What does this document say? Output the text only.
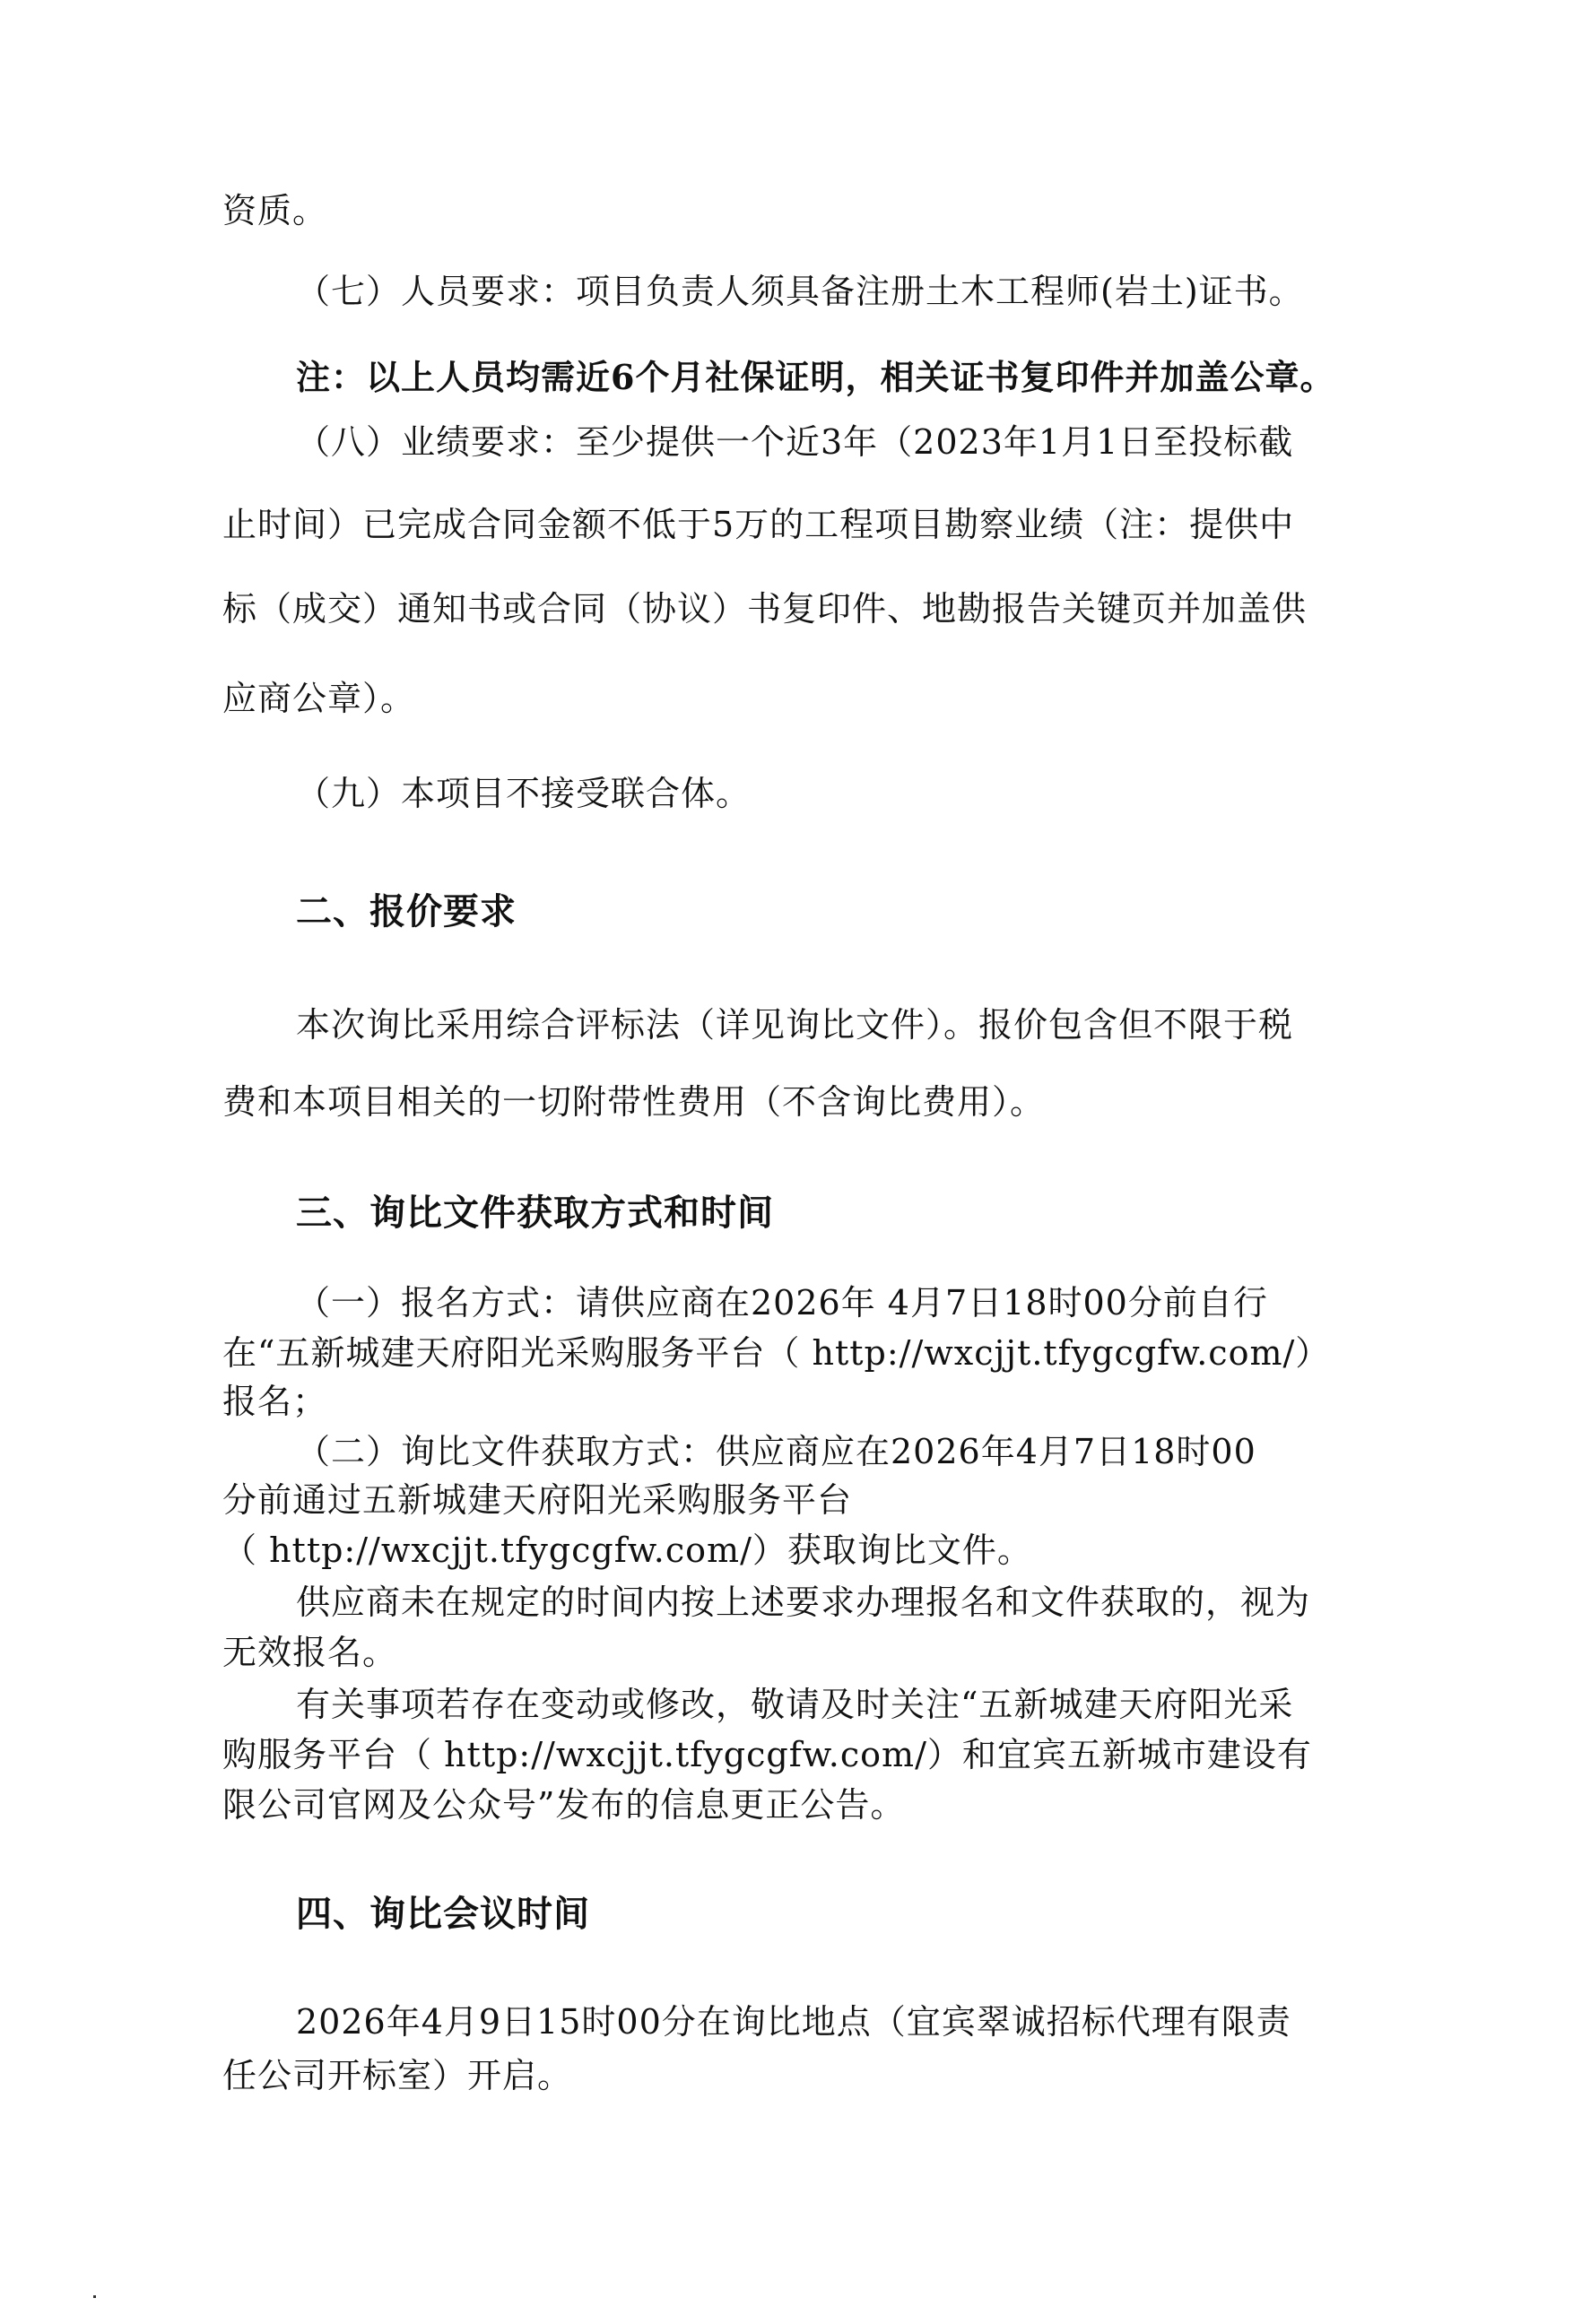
资质。
（七）人员要求：项目负责人须具备注册土木工程师(岩土)证书。
注：以上人员均需近6个月社保证明，相关证书复印件并加盖公章。
（八）业绩要求：至少提供一个近3年（2023年1月1日至投标截
止时间）已完成合同金额不低于5万的工程项目勘察业绩（注：提供中
标（成交）通知书或合同（协议）书复印件、地勘报告关键页并加盖供
应商公章）。
（九）本项目不接受联合体。
二、报价要求
本次询比采用综合评标法（详见询比文件）。报价包含但不限于税
费和本项目相关的一切附带性费用（不含询比费用）。
三、询比文件获取方式和时间
（一）报名方式：请供应商在2026年 4月7日18时00分前自行
在“五新城建天府阳光采购服务平台（ http://wxcjjt.tfygcgfw.com/）
报名；
（二）询比文件获取方式：供应商应在2026年4月7日18时00
分前通过五新城建天府阳光采购服务平台
（ http://wxcjjt.tfygcgfw.com/）获取询比文件。
供应商未在规定的时间内按上述要求办理报名和文件获取的，视为
无效报名。
有关事项若存在变动或修改，敬请及时关注“五新城建天府阳光采
购服务平台（ http://wxcjjt.tfygcgfw.com/）和宜宾五新城市建设有
限公司官网及公众号”发布的信息更正公告。
四、询比会议时间
2026年4月9日15时00分在询比地点（宜宾翠诚招标代理有限责
任公司开标室）开启。
